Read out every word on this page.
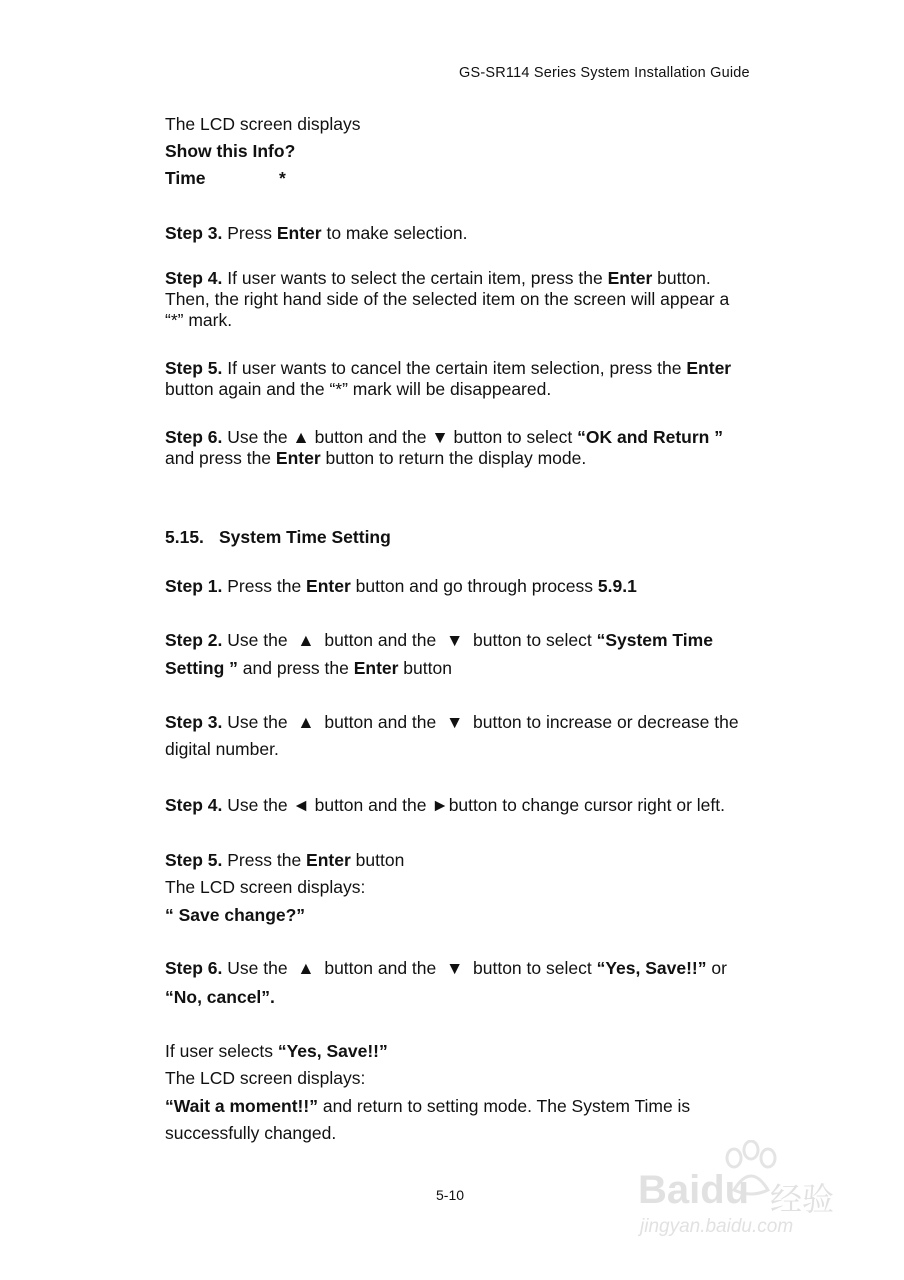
GS-SR114 Series System Installation Guide
The LCD screen displays
Show this Info?
Time	*
Step 3. Press Enter to make selection.
Step 4. If user wants to select the certain item, press the Enter button.
Then, the right hand side of the selected item on the screen will appear a
“*” mark.
Step 5. If user wants to cancel the certain item selection, press the Enter
button again and the “*” mark will be disappeared.
Step 6. Use the ▲ button and the ▼ button to select “OK and Return ”
and press the Enter button to return the display mode.
5.15. System Time Setting
Step 1. Press the Enter button and go through process 5.9.1
Step 2. Use the  ▲  button and the  ▼  button to select “System Time
Setting ” and press the Enter button
Step 3. Use the  ▲  button and the  ▼  button to increase or decrease the
digital number.
Step 4. Use the ◄ button and the ►button to change cursor right or left.
Step 5. Press the Enter button
The LCD screen displays:
“ Save change?”
Step 6. Use the  ▲  button and the  ▼  button to select “Yes, Save!!” or
“No, cancel”.
If user selects “Yes, Save!!”
The LCD screen displays:
“Wait a moment!!” and return to setting mode. The System Time is
successfully changed.
5-10	Baidu 经验
jingyan.baidu.com
